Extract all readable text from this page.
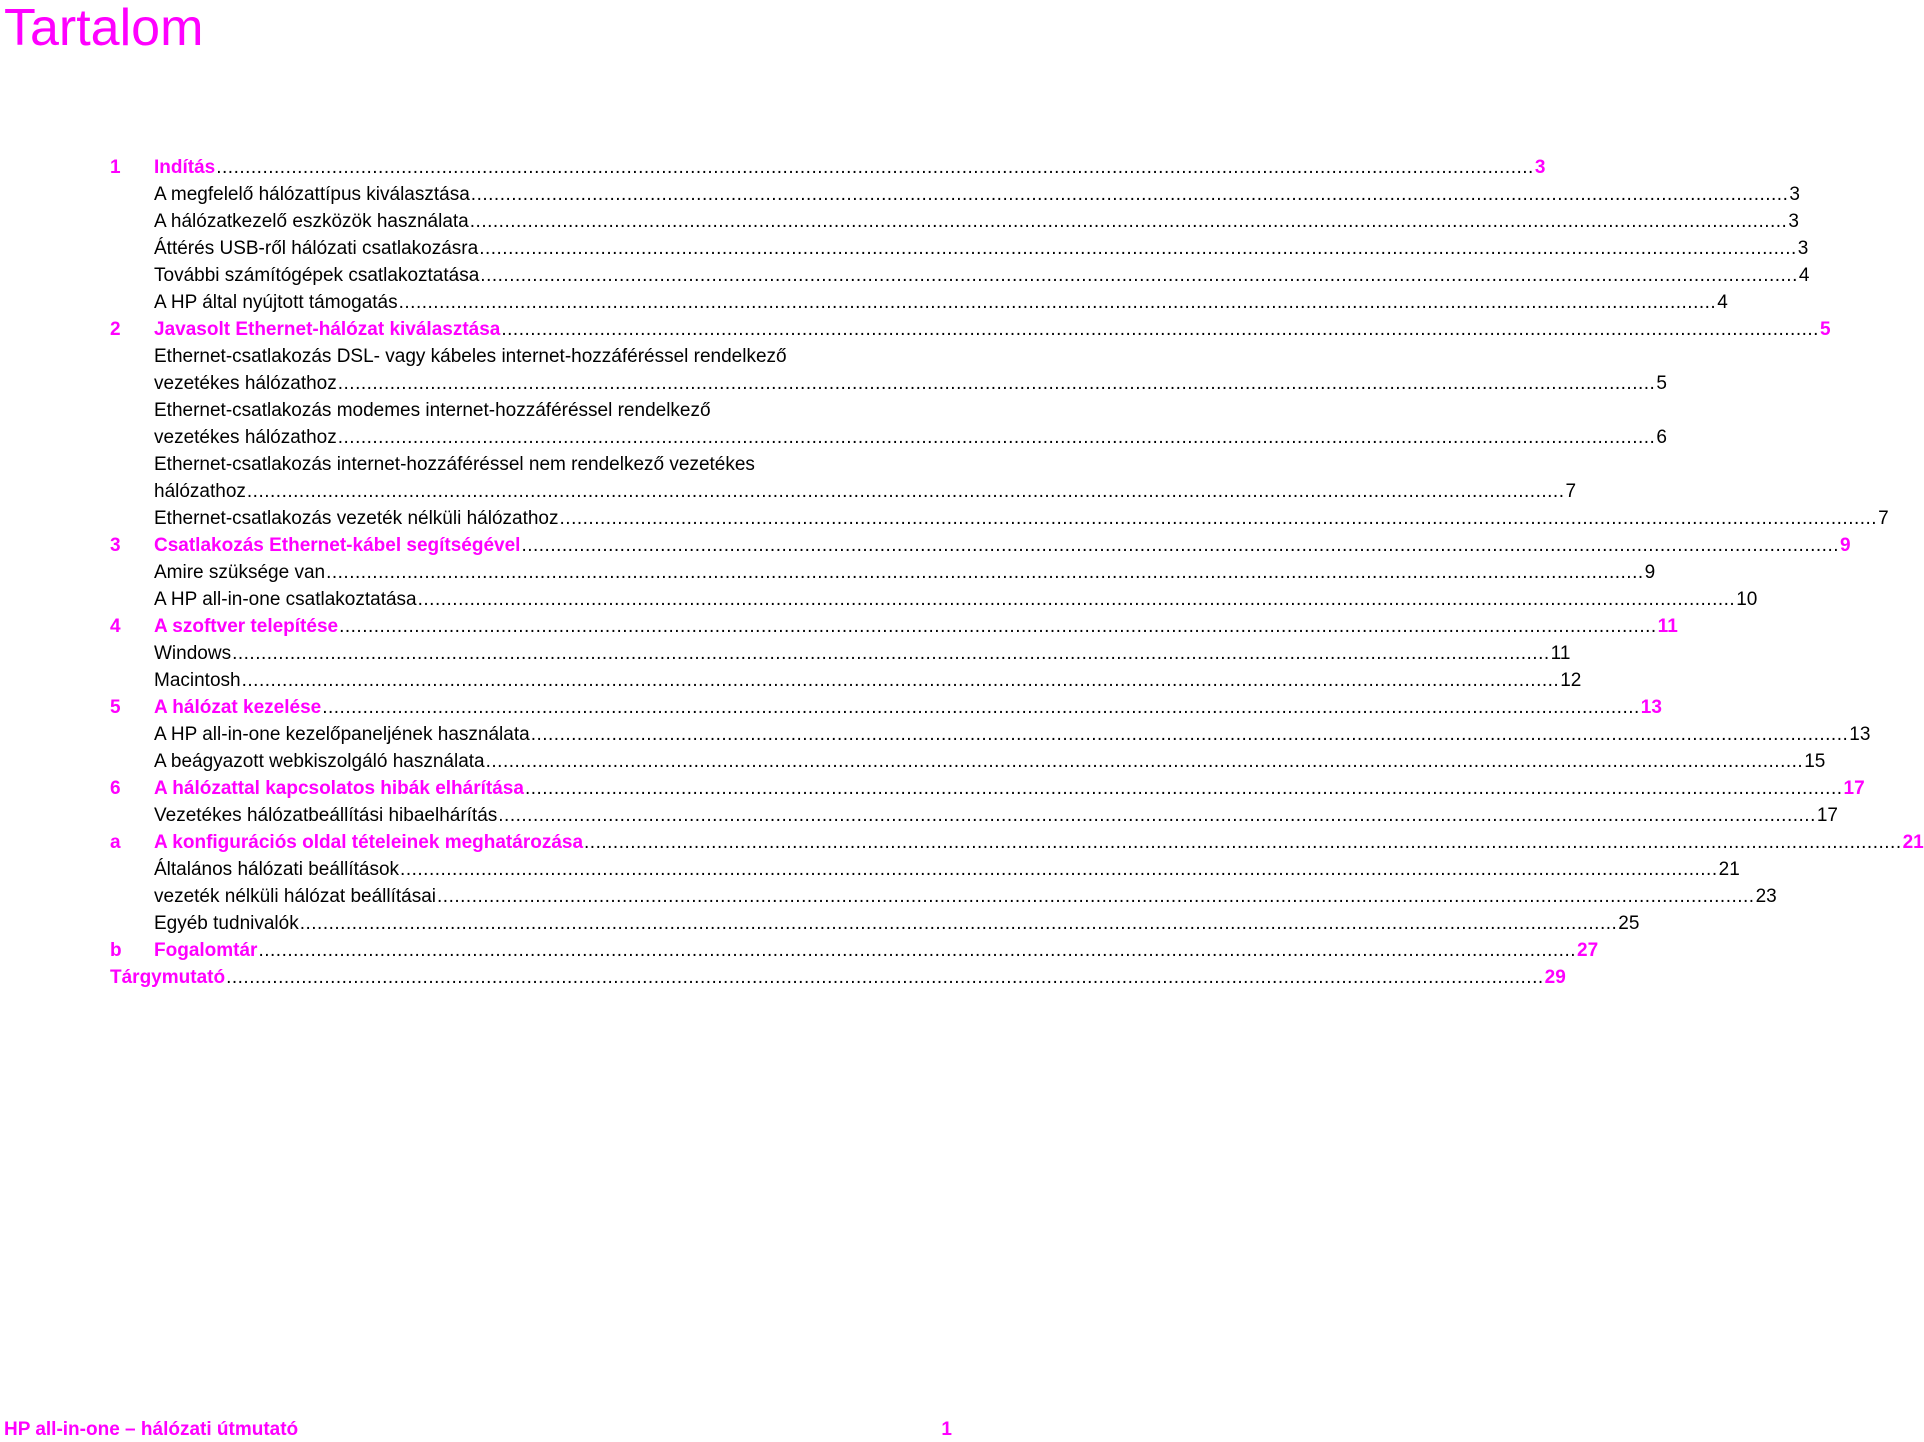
Tartalom
1	Indítás .....	3
A megfelelő hálózattípus kiválasztása .....	3
A hálózatkezelő eszközök használata .....	3
Áttérés USB-ről hálózati csatlakozásra .....	3
További számítógépek csatlakoztatása .....	4
A HP által nyújtott támogatás .....	4
2	Javasolt Ethernet-hálózat kiválasztása .....	5
Ethernet-csatlakozás DSL- vagy kábeles internet-hozzáféréssel rendelkező
vezetékes hálózathoz .....	5
Ethernet-csatlakozás modemes internet-hozzáféréssel rendelkező
vezetékes hálózathoz .....	6
Ethernet-csatlakozás internet-hozzáféréssel nem rendelkező vezetékes
hálózathoz .....	7
Ethernet-csatlakozás vezeték nélküli hálózathoz .....	7
3	Csatlakozás Ethernet-kábel segítségével .....	9
Amire szüksége van .....	9
A HP all-in-one csatlakoztatása .....	10
4	A szoftver telepítése .....	11
Windows .....	11
Macintosh .....	12
5	A hálózat kezelése .....	13
A HP all-in-one kezelőpaneljének használata .....	13
A beágyazott webkiszolgáló használata .....	15
6	A hálózattal kapcsolatos hibák elhárítása .....	17
Vezetékes hálózatbeállítási hibaelhárítás .....	17
a	A konfigurációs oldal tételeinek meghatározása .....	21
Általános hálózati beállítások .....	21
vezeték nélküli hálózat beállításai .....	23
Egyéb tudnivalók .....	25
b	Fogalomtár .....	27
Tárgymutató .....	29
HP all-in-one – hálózati útmutató	1
